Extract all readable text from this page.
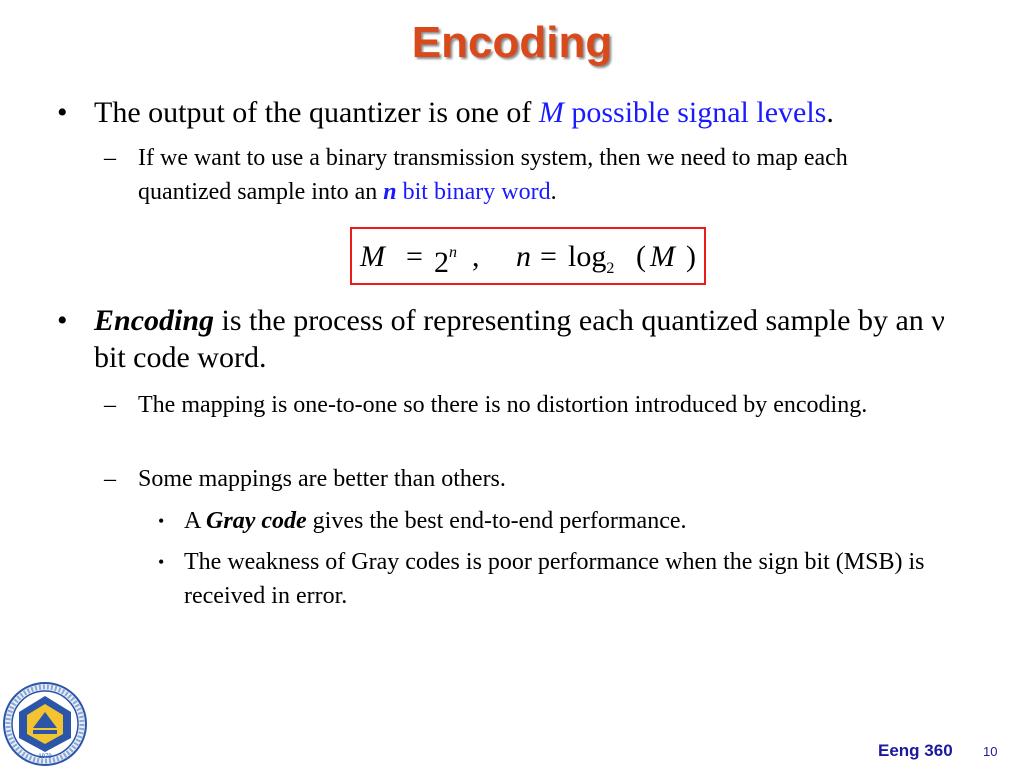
Encoding
• The output of the quantizer is one of M possible signal levels.
– If we want to use a binary transmission system, then we need to map each quantized sample into an n bit binary word.
$M = 2^n$ , $n = \log_2$ ( M )
• Encoding is the process of representing each quantized sample by an ν bit code word.
– The mapping is one-to-one so there is no distortion introduced by encoding.
– Some mappings are better than others.
• A Gray code gives the best end-to-end performance.
• The weakness of Gray codes is poor performance when the sign bit (MSB) is received in error.
1979	Eeng 360 10
